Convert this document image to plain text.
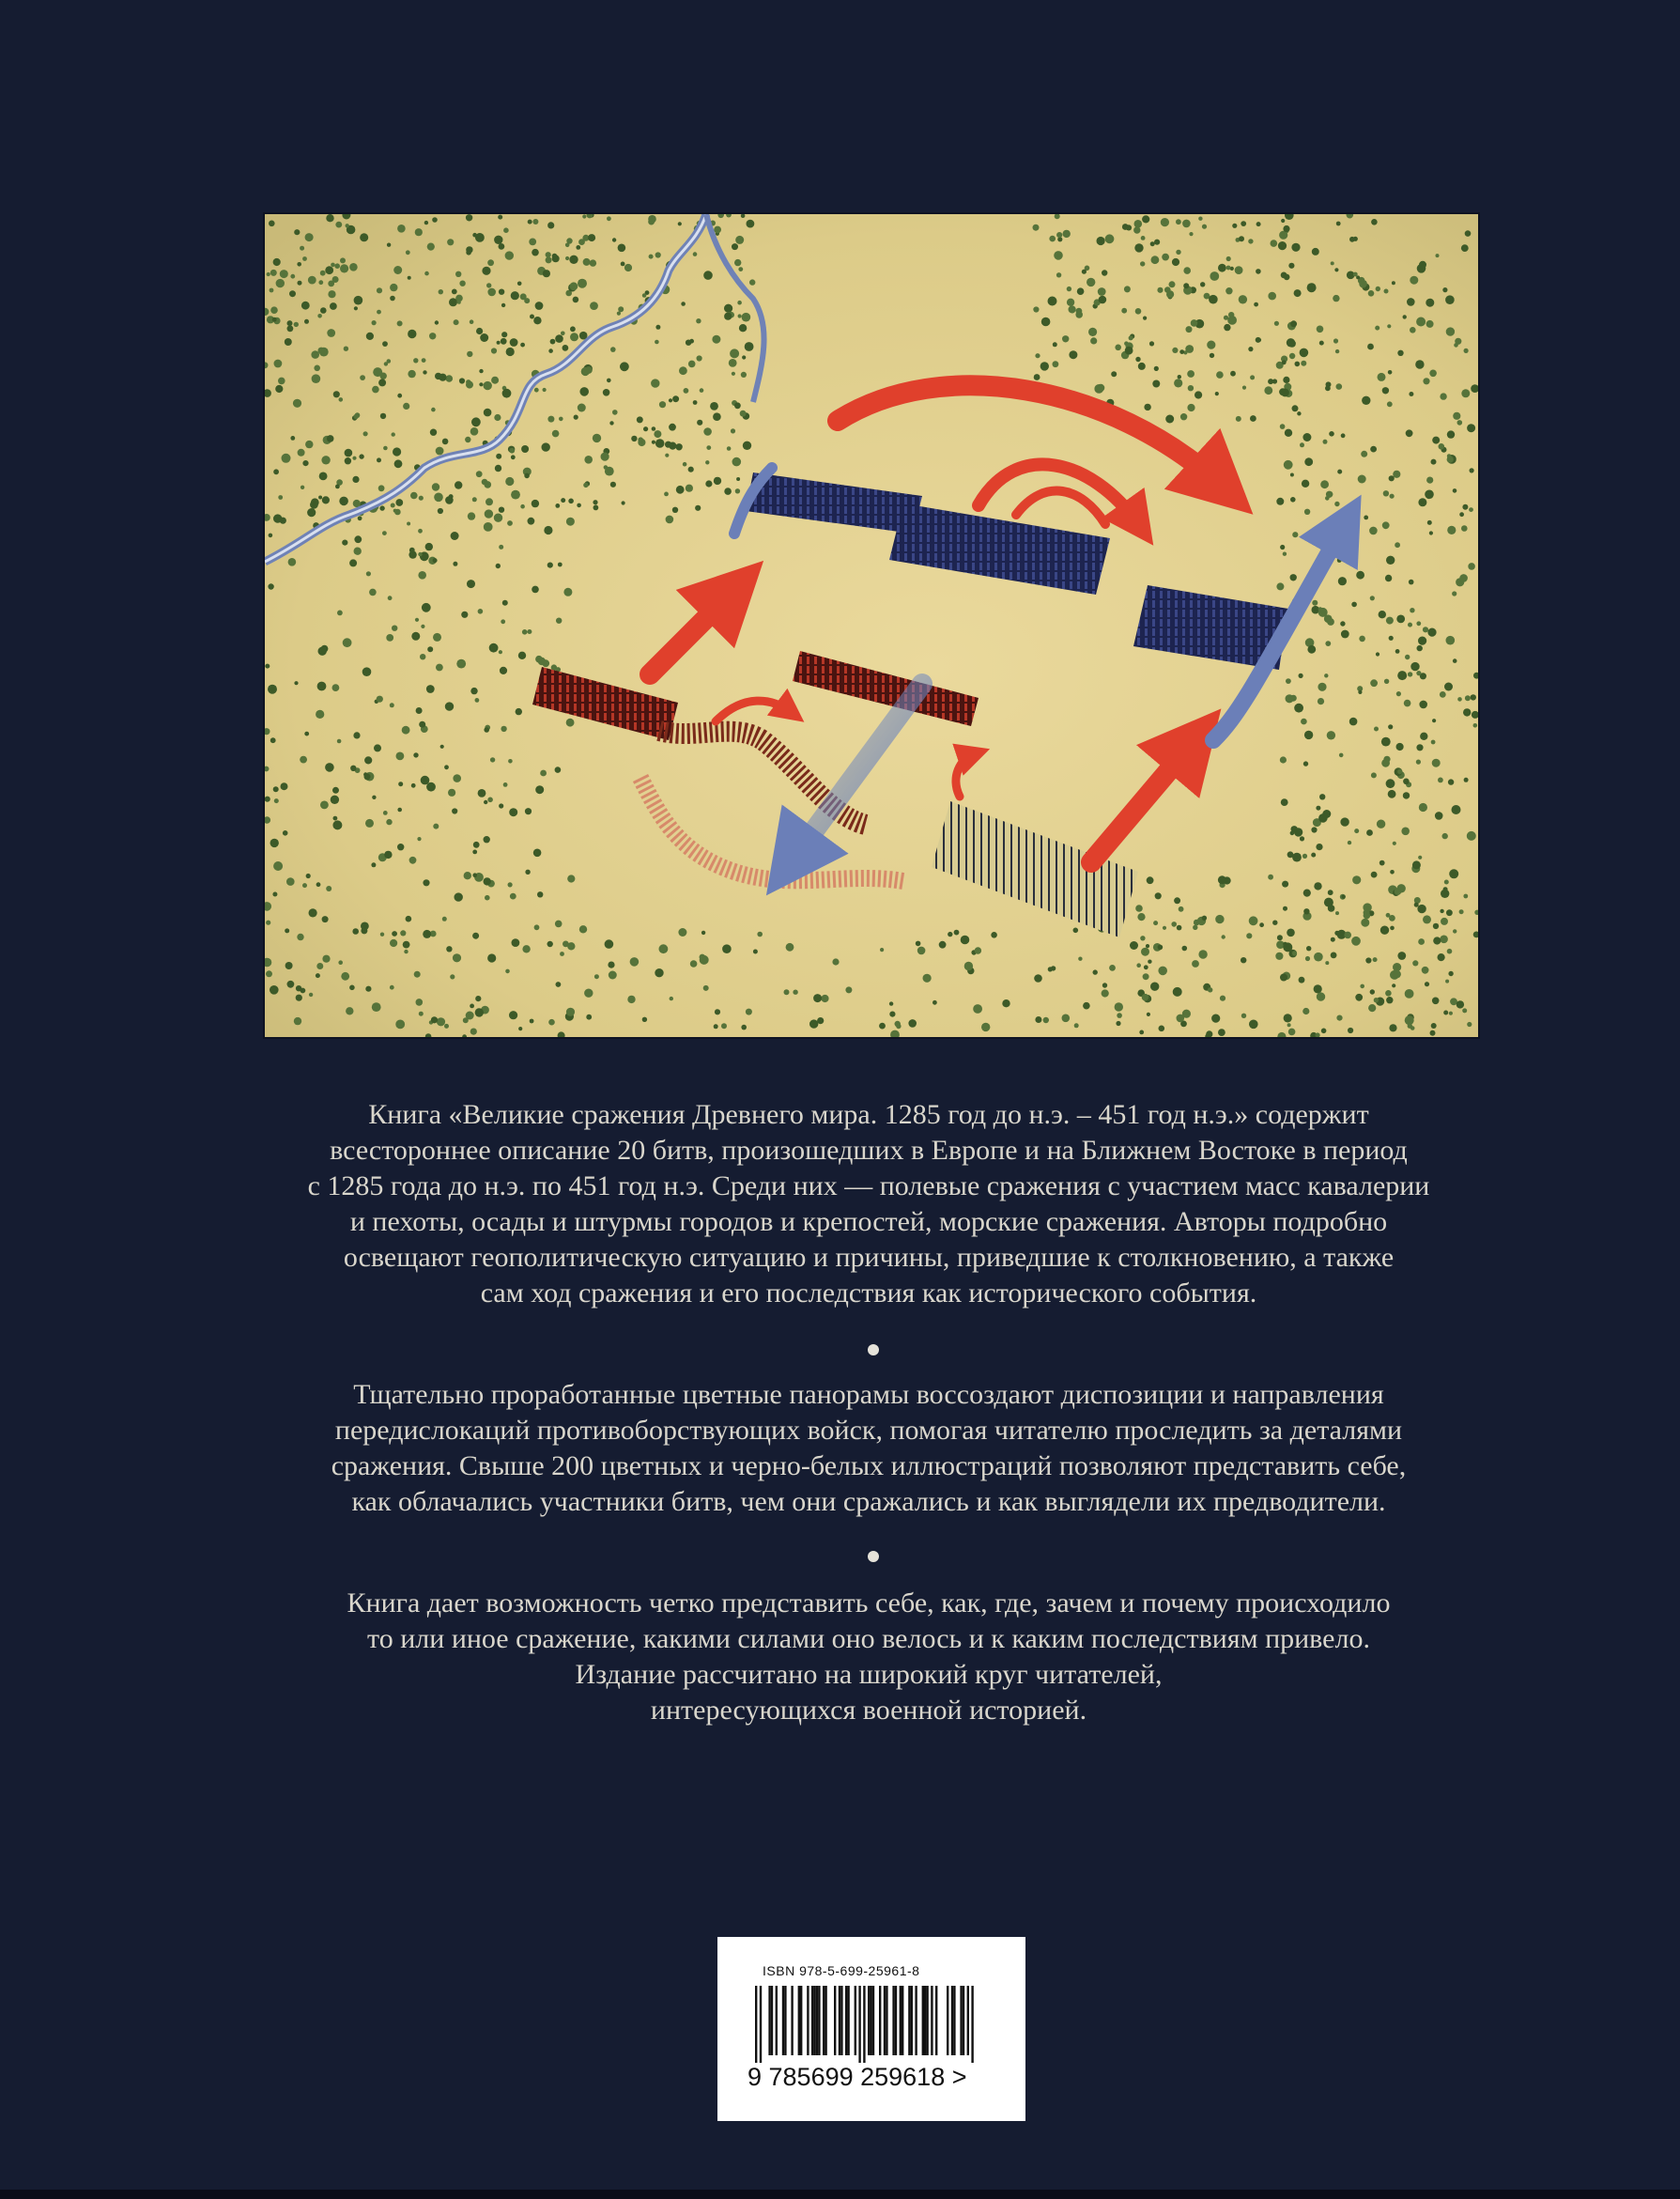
Книга «Великие сражения Древнего мира. 1285 год до н.э. – 451 год н.э.» содержит

всестороннее описание 20 битв, произошедших в Европе и на Ближнем Востоке в период

с 1285 года до н.э. по 451 год н.э. Среди них — полевые сражения с участием масс кавалерии

и пехоты, осады и штурмы городов и крепостей, морские сражения. Авторы подробно

освещают геополитическую ситуацию и причины, приведшие к столкновению, а также

сам ход сражения и его последствия как исторического события.

Тщательно проработанные цветные панорамы воссоздают диспозиции и направления

передислокаций противоборствующих войск, помогая читателю проследить за деталями

сражения. Свыше 200 цветных и черно-белых иллюстраций позволяют представить себе,

как облачались участники битв, чем они сражались и как выглядели их предводители.

Книга дает возможность четко представить себе, как, где, зачем и почему происходило

то или иное сражение, какими силами оно велось и к каким последствиям привело.

Издание рассчитано на широкий круг читателей,

интересующихся военной историей.

ISBN 978-5-699-25961-8
9 785699 259618 >
